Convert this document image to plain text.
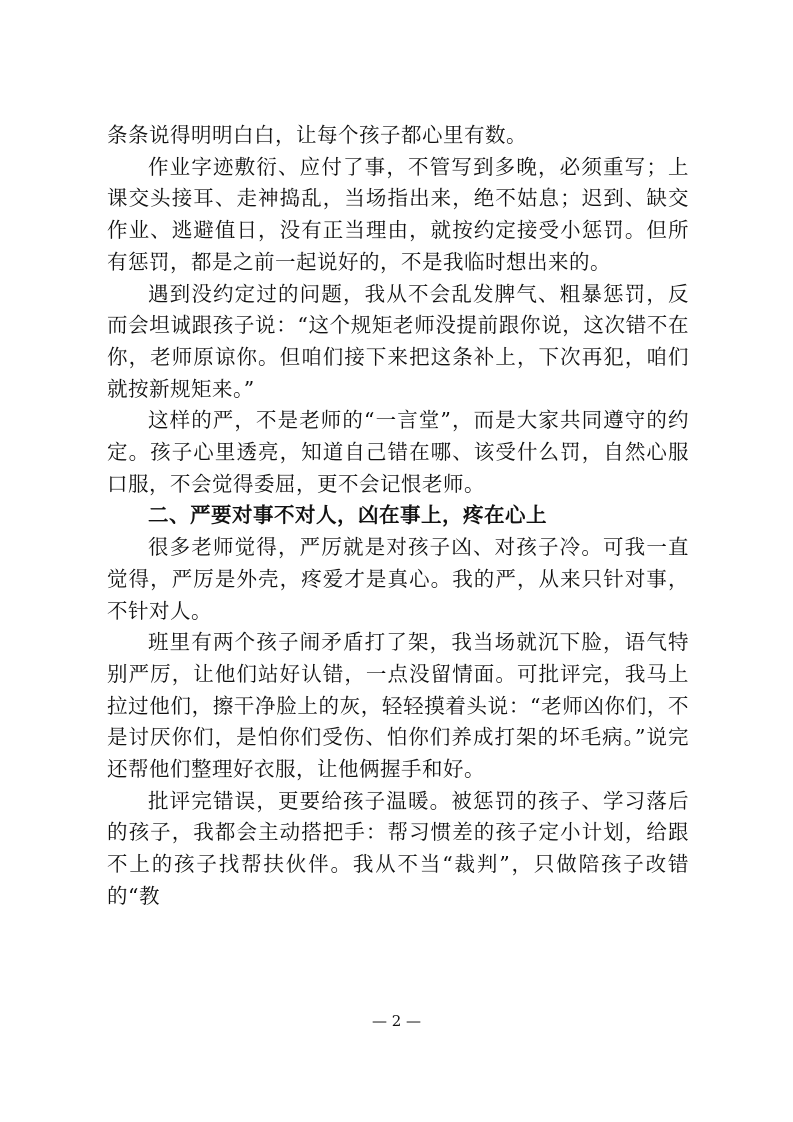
条条说得明明白白，让每个孩子都心里有数。

作业字迹敷衍、应付了事，不管写到多晚，必须重写；上课交头接耳、走神捣乱，当场指出来，绝不姑息；迟到、缺交作业、逃避值日，没有正当理由，就按约定接受小惩罚。但所有惩罚，都是之前一起说好的，不是我临时想出来的。

遇到没约定过的问题，我从不会乱发脾气、粗暴惩罚，反而会坦诚跟孩子说：“这个规矩老师没提前跟你说，这次错不在你，老师原谅你。但咱们接下来把这条补上，下次再犯，咱们就按新规矩来。”

这样的严，不是老师的“一言堂”，而是大家共同遵守的约定。孩子心里透亮，知道自己错在哪、该受什么罚，自然心服口服，不会觉得委屈，更不会记恨老师。

二、严要对事不对人，凶在事上，疼在心上

很多老师觉得，严厉就是对孩子凶、对孩子冷。可我一直觉得，严厉是外壳，疼爱才是真心。我的严，从来只针对事，不针对人。

班里有两个孩子闹矛盾打了架，我当场就沉下脸，语气特别严厉，让他们站好认错，一点没留情面。可批评完，我马上拉过他们，擦干净脸上的灰，轻轻摸着头说：“老师凶你们，不是讨厌你们，是怕你们受伤、怕你们养成打架的坏毛病。”说完还帮他们整理好衣服，让他俩握手和好。

批评完错误，更要给孩子温暖。被惩罚的孩子、学习落后的孩子，我都会主动搭把手：帮习惯差的孩子定小计划，给跟不上的孩子找帮扶伙伴。我从不当“裁判”，只做陪孩子改错的“教

— 2 —
